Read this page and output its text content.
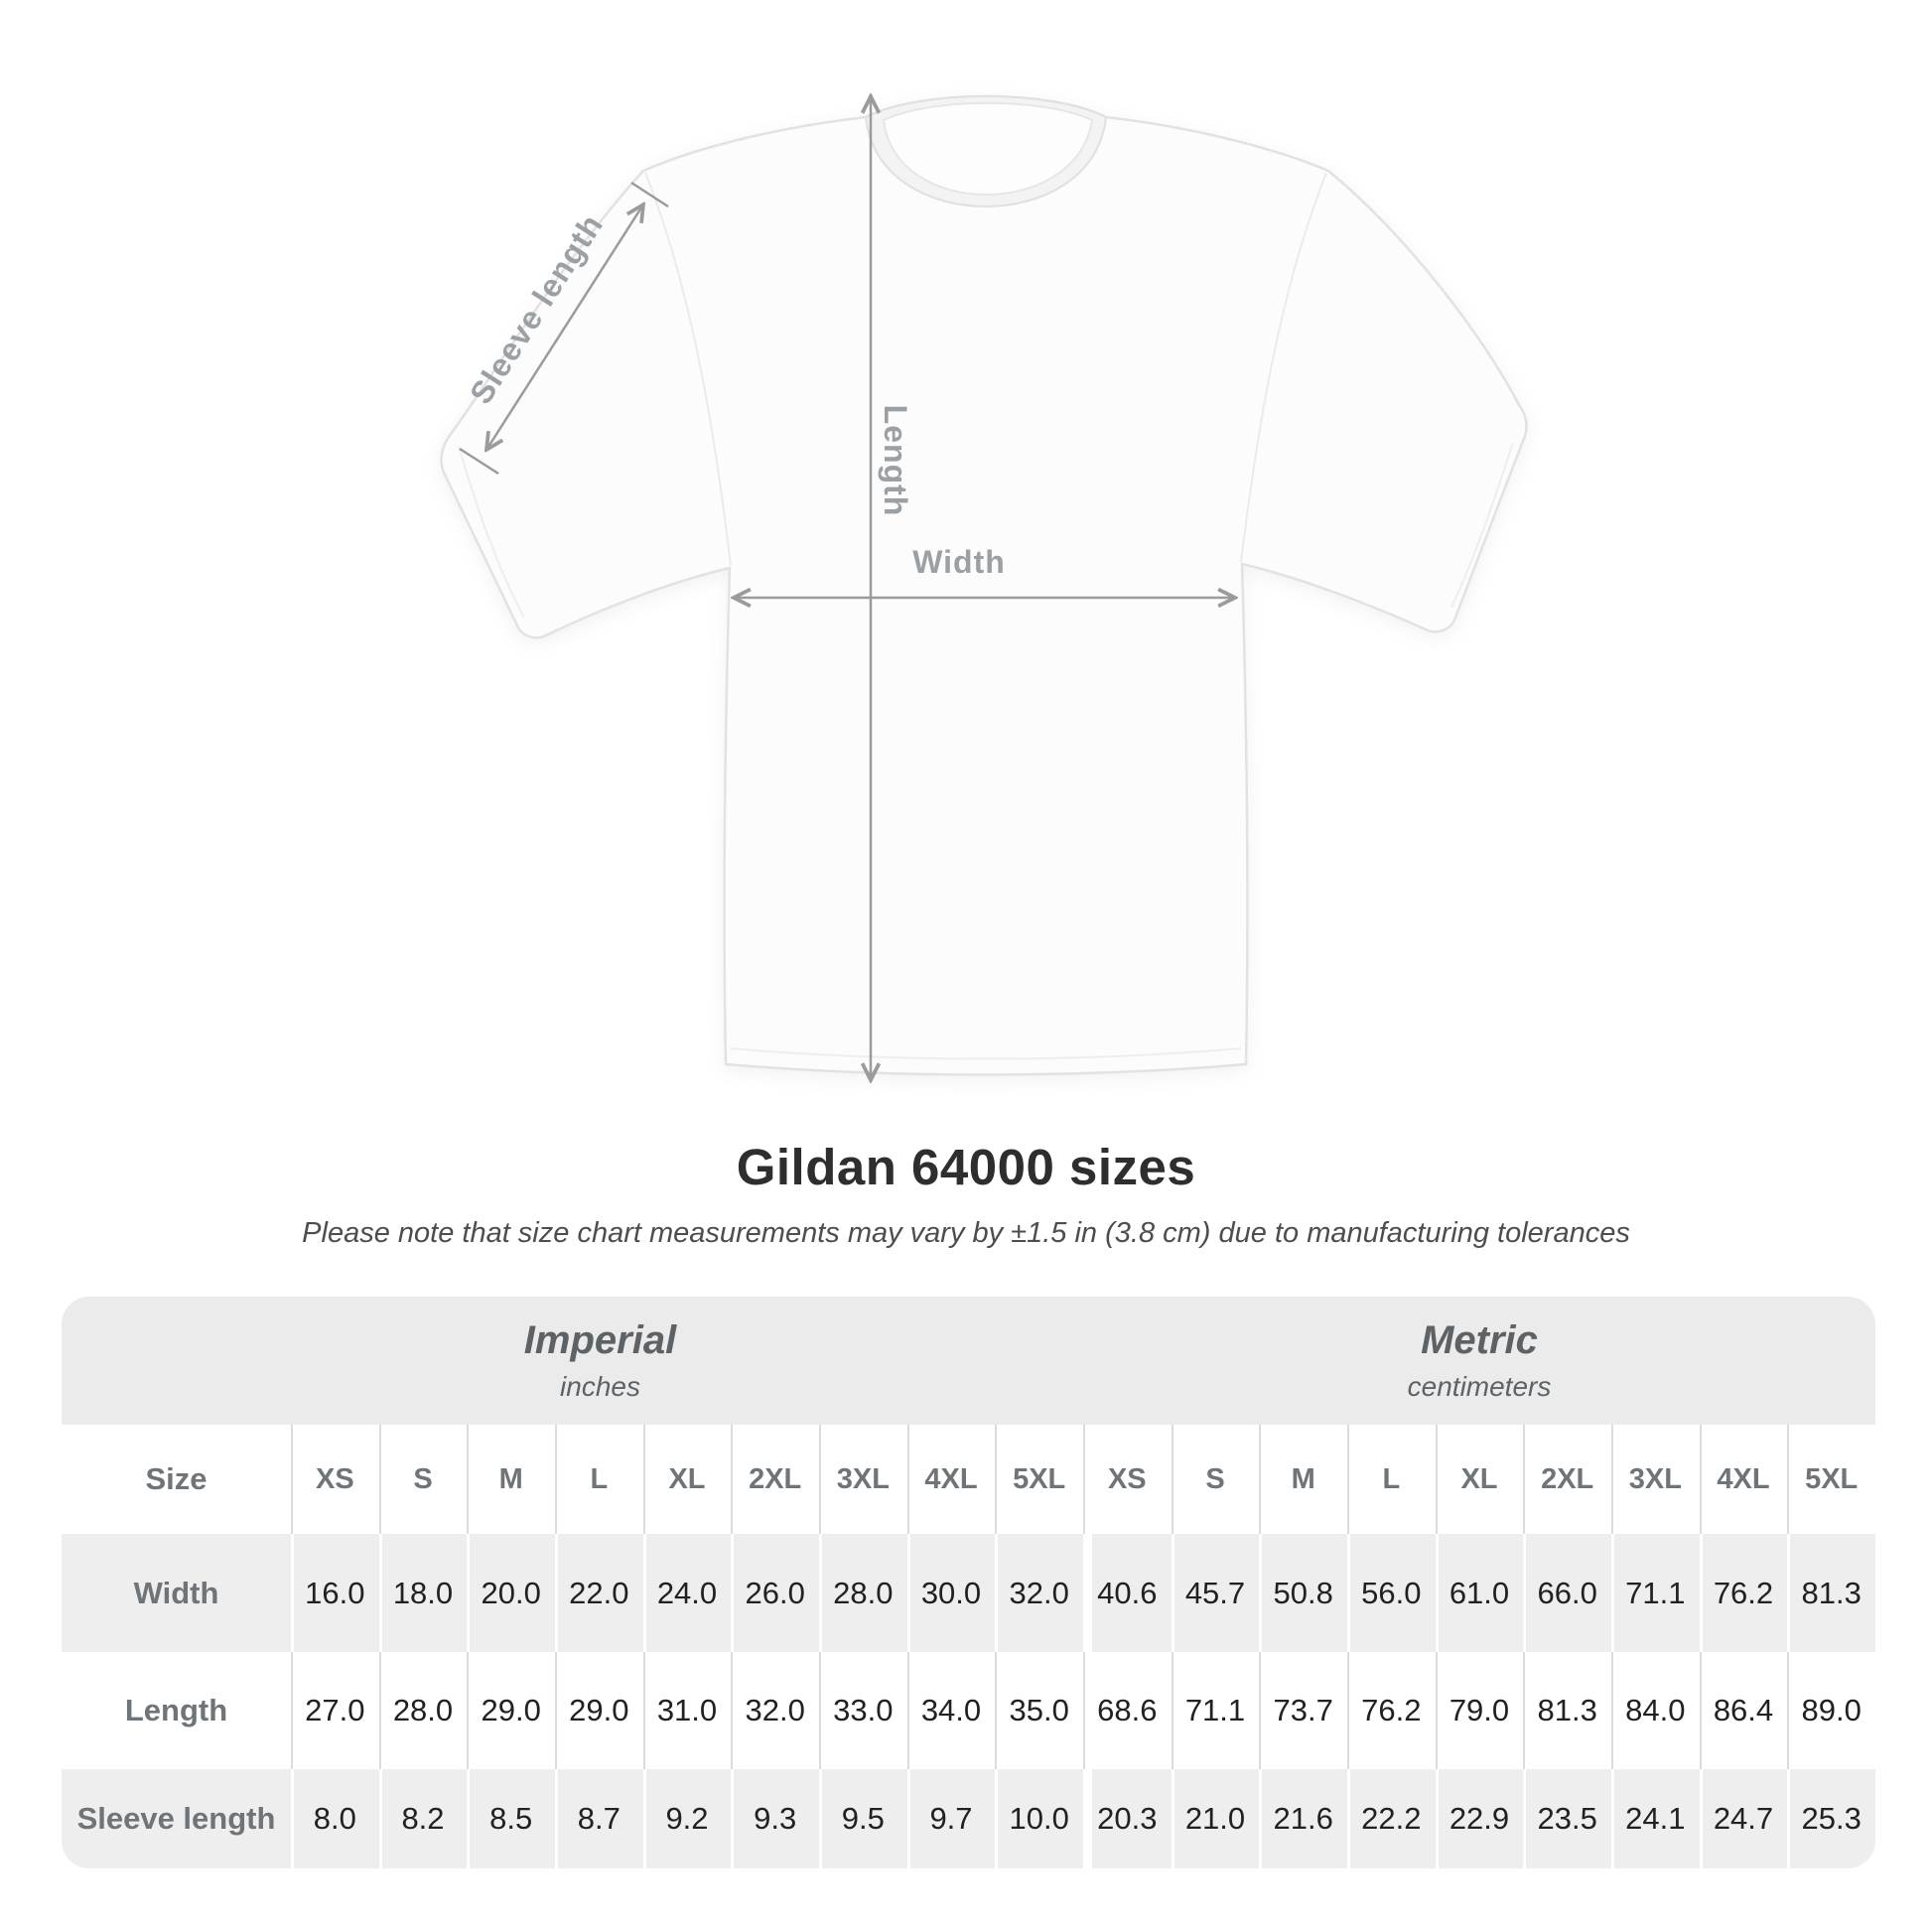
Sleeve length
Length
Width
Gildan 64000 sizes
Please note that size chart measurements may vary by ±1.5 in (3.8 cm) due to manufacturing tolerances
Imperial
inches
Metric
centimeters
Size	XS	S	M	L	XL	2XL	3XL	4XL	5XL	XS	S	M	L	XL	2XL	3XL	4XL	5XL
Width	16.0 18.0 20.0 22.0 24.0 26.0 28.0 30.0 32.0 40.6 45.7 50.8 56.0 61.0 66.0 71.1 76.2 81.3
Length	27.0 28.0 29.0 29.0 31.0 32.0 33.0 34.0 35.0 68.6 71.1 73.7 76.2 79.0 81.3 84.0 86.4 89.0
Sleeve length	8.0	8.2	8.5	8.7	9.2	9.3	9.5	9.7	10.0 20.3 21.0 21.6 22.2 22.9 23.5 24.1 24.7 25.3
